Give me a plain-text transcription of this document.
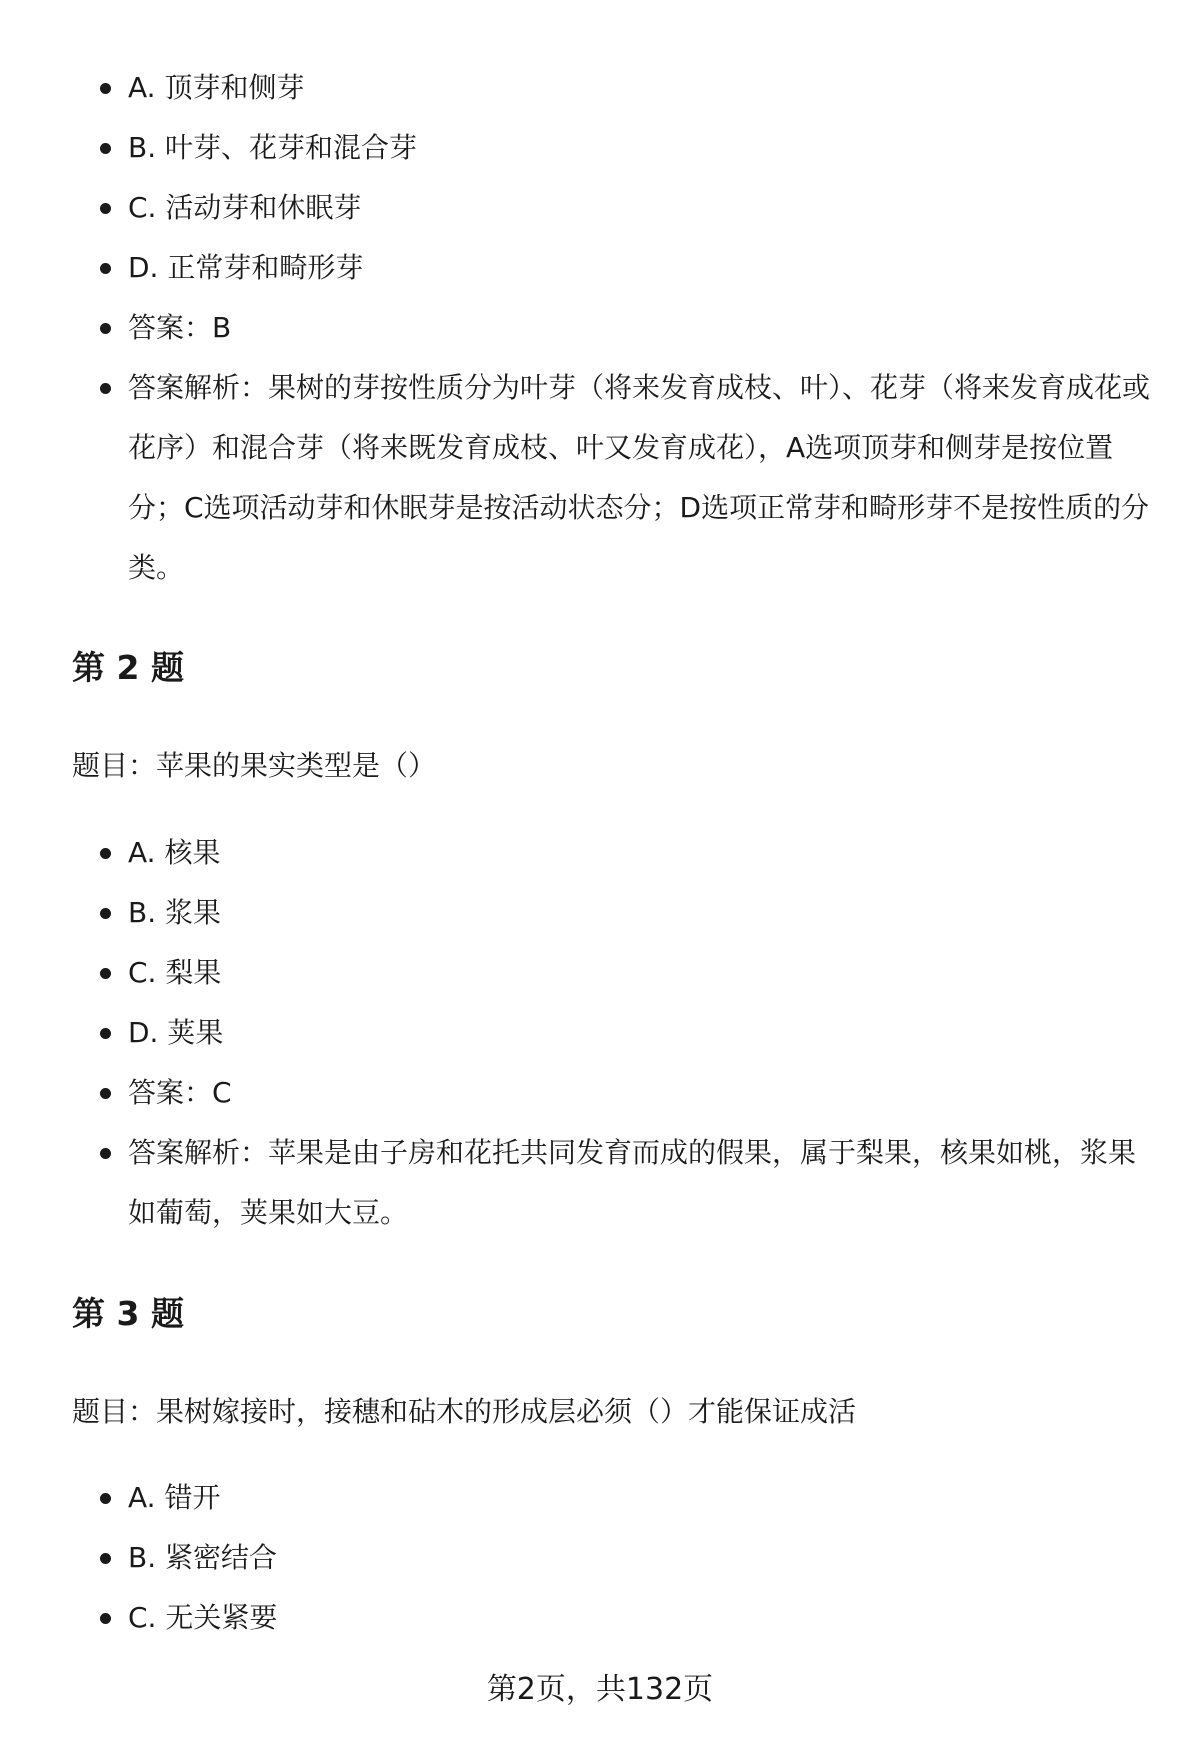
A. 顶芽和侧芽
B. 叶芽、花芽和混合芽
C. 活动芽和休眠芽
D. 正常芽和畸形芽
答案：B
答案解析：果树的芽按性质分为叶芽（将来发育成枝、叶）、花芽（将来发育成花或花序）和混合芽（将来既发育成枝、叶又发育成花），A选项顶芽和侧芽是按位置分；C选项活动芽和休眠芽是按活动状态分；D选项正常芽和畸形芽不是按性质的分类。
第 2 题

题目：苹果的果实类型是（）

A. 核果
B. 浆果
C. 梨果
D. 荚果
答案：C
答案解析：苹果是由子房和花托共同发育而成的假果，属于梨果，核果如桃，浆果如葡萄，荚果如大豆。
第 3 题

题目：果树嫁接时，接穗和砧木的形成层必须（）才能保证成活

A. 错开
B. 紧密结合
C. 无关紧要
第2页，共132页
